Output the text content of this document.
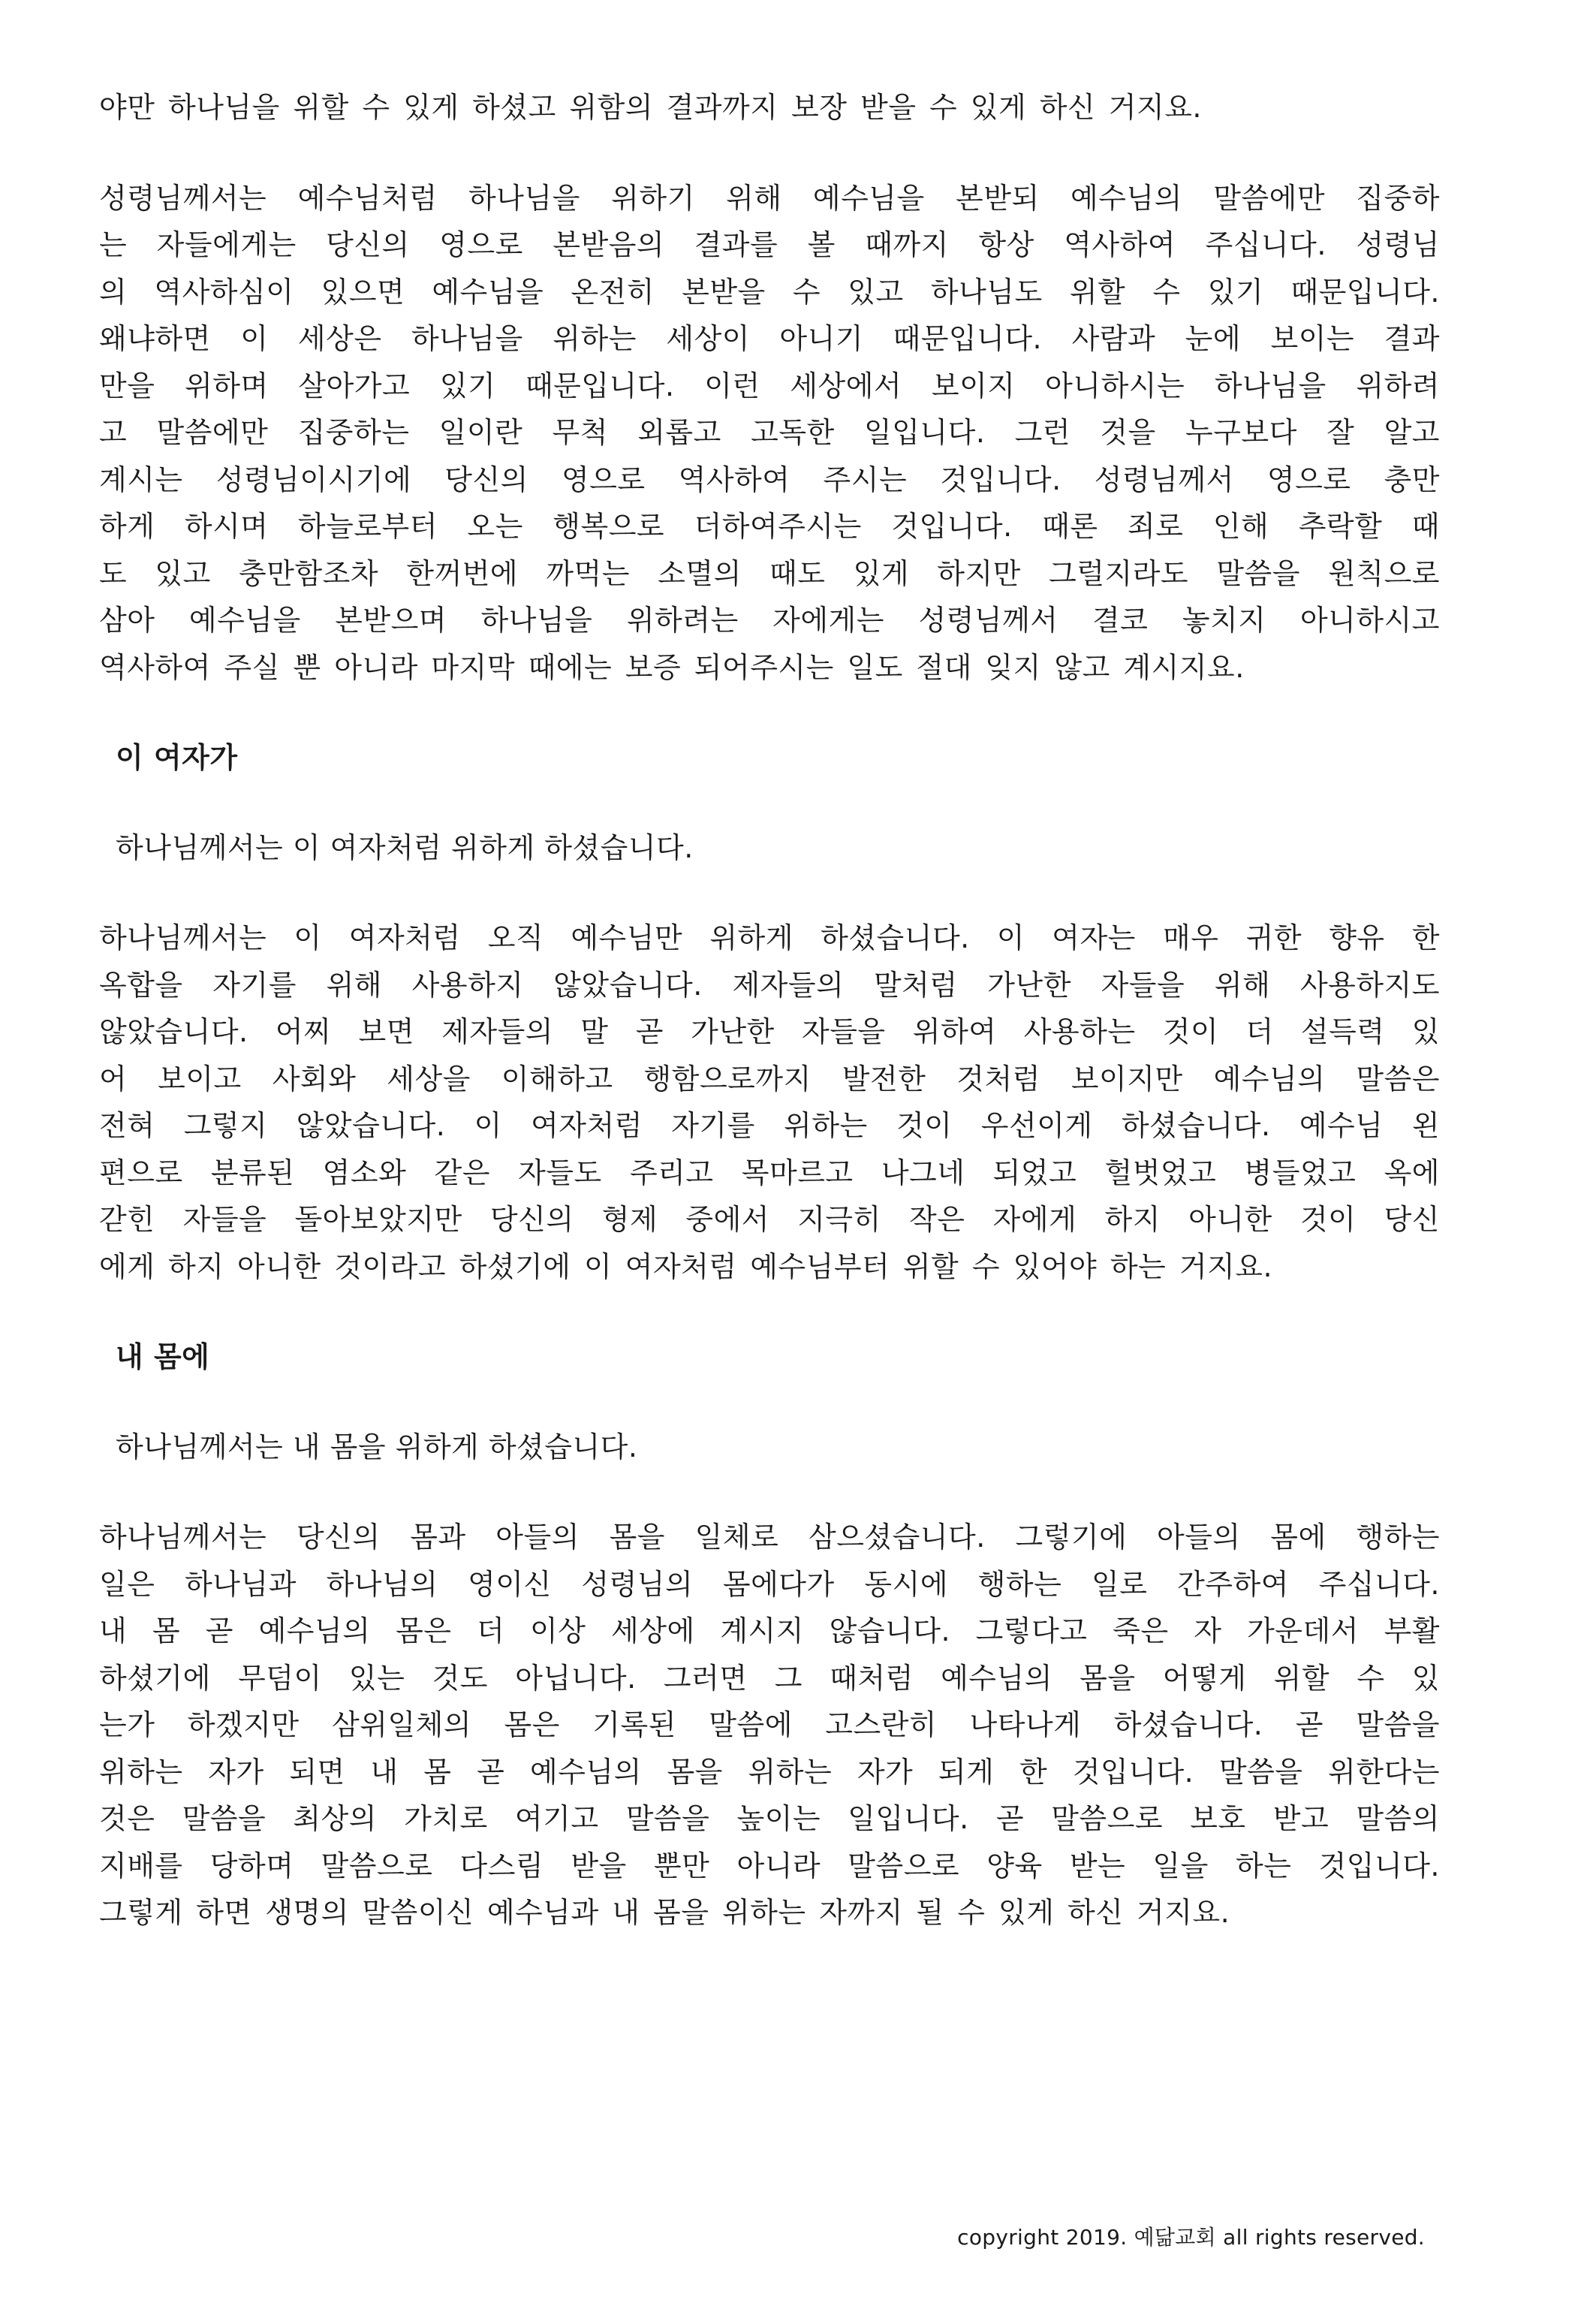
야만 하나님을 위할 수 있게 하셨고 위함의 결과까지 보장 받을 수 있게 하신 거지요.
성령님께서는 예수님처럼 하나님을 위하기 위해 예수님을 본받되 예수님의 말씀에만 집중하
는 자들에게는 당신의 영으로 본받음의 결과를 볼 때까지 항상 역사하여 주십니다. 성령님
의 역사하심이 있으면 예수님을 온전히 본받을 수 있고 하나님도 위할 수 있기 때문입니다.
왜냐하면 이 세상은 하나님을 위하는 세상이 아니기 때문입니다. 사람과 눈에 보이는 결과
만을 위하며 살아가고 있기 때문입니다. 이런 세상에서 보이지 아니하시는 하나님을 위하려
고 말씀에만 집중하는 일이란 무척 외롭고 고독한 일입니다. 그런 것을 누구보다 잘 알고
계시는 성령님이시기에 당신의 영으로 역사하여 주시는 것입니다. 성령님께서 영으로 충만
하게 하시며 하늘로부터 오는 행복으로 더하여주시는 것입니다. 때론 죄로 인해 추락할 때
도 있고 충만함조차 한꺼번에 까먹는 소멸의 때도 있게 하지만 그럴지라도 말씀을 원칙으로
삼아 예수님을 본받으며 하나님을 위하려는 자에게는 성령님께서 결코 놓치지 아니하시고
역사하여 주실 뿐 아니라 마지막 때에는 보증 되어주시는 일도 절대 잊지 않고 계시지요.
이 여자가

하나님께서는 이 여자처럼 위하게 하셨습니다.

하나님께서는 이 여자처럼 오직 예수님만 위하게 하셨습니다. 이 여자는 매우 귀한 향유 한
옥합을 자기를 위해 사용하지 않았습니다. 제자들의 말처럼 가난한 자들을 위해 사용하지도
않았습니다. 어찌 보면 제자들의 말 곧 가난한 자들을 위하여 사용하는 것이 더 설득력 있
어 보이고 사회와 세상을 이해하고 행함으로까지 발전한 것처럼 보이지만 예수님의 말씀은
전혀 그렇지 않았습니다. 이 여자처럼 자기를 위하는 것이 우선이게 하셨습니다. 예수님 왼
편으로 분류된 염소와 같은 자들도 주리고 목마르고 나그네 되었고 헐벗었고 병들었고 옥에
갇힌 자들을 돌아보았지만 당신의 형제 중에서 지극히 작은 자에게 하지 아니한 것이 당신
에게 하지 아니한 것이라고 하셨기에 이 여자처럼 예수님부터 위할 수 있어야 하는 거지요.
내 몸에

하나님께서는 내 몸을 위하게 하셨습니다.

하나님께서는 당신의 몸과 아들의 몸을 일체로 삼으셨습니다. 그렇기에 아들의 몸에 행하는
일은 하나님과 하나님의 영이신 성령님의 몸에다가 동시에 행하는 일로 간주하여 주십니다.
내 몸 곧 예수님의 몸은 더 이상 세상에 계시지 않습니다. 그렇다고 죽은 자 가운데서 부활
하셨기에 무덤이 있는 것도 아닙니다. 그러면 그 때처럼 예수님의 몸을 어떻게 위할 수 있
는가 하겠지만 삼위일체의 몸은 기록된 말씀에 고스란히 나타나게 하셨습니다. 곧 말씀을
위하는 자가 되면 내 몸 곧 예수님의 몸을 위하는 자가 되게 한 것입니다. 말씀을 위한다는
것은 말씀을 최상의 가치로 여기고 말씀을 높이는 일입니다. 곧 말씀으로 보호 받고 말씀의
지배를 당하며 말씀으로 다스림 받을 뿐만 아니라 말씀으로 양육 받는 일을 하는 것입니다.
그렇게 하면 생명의 말씀이신 예수님과 내 몸을 위하는 자까지 될 수 있게 하신 거지요.
copyright 2019. 예닮교회 all rights reserved.
